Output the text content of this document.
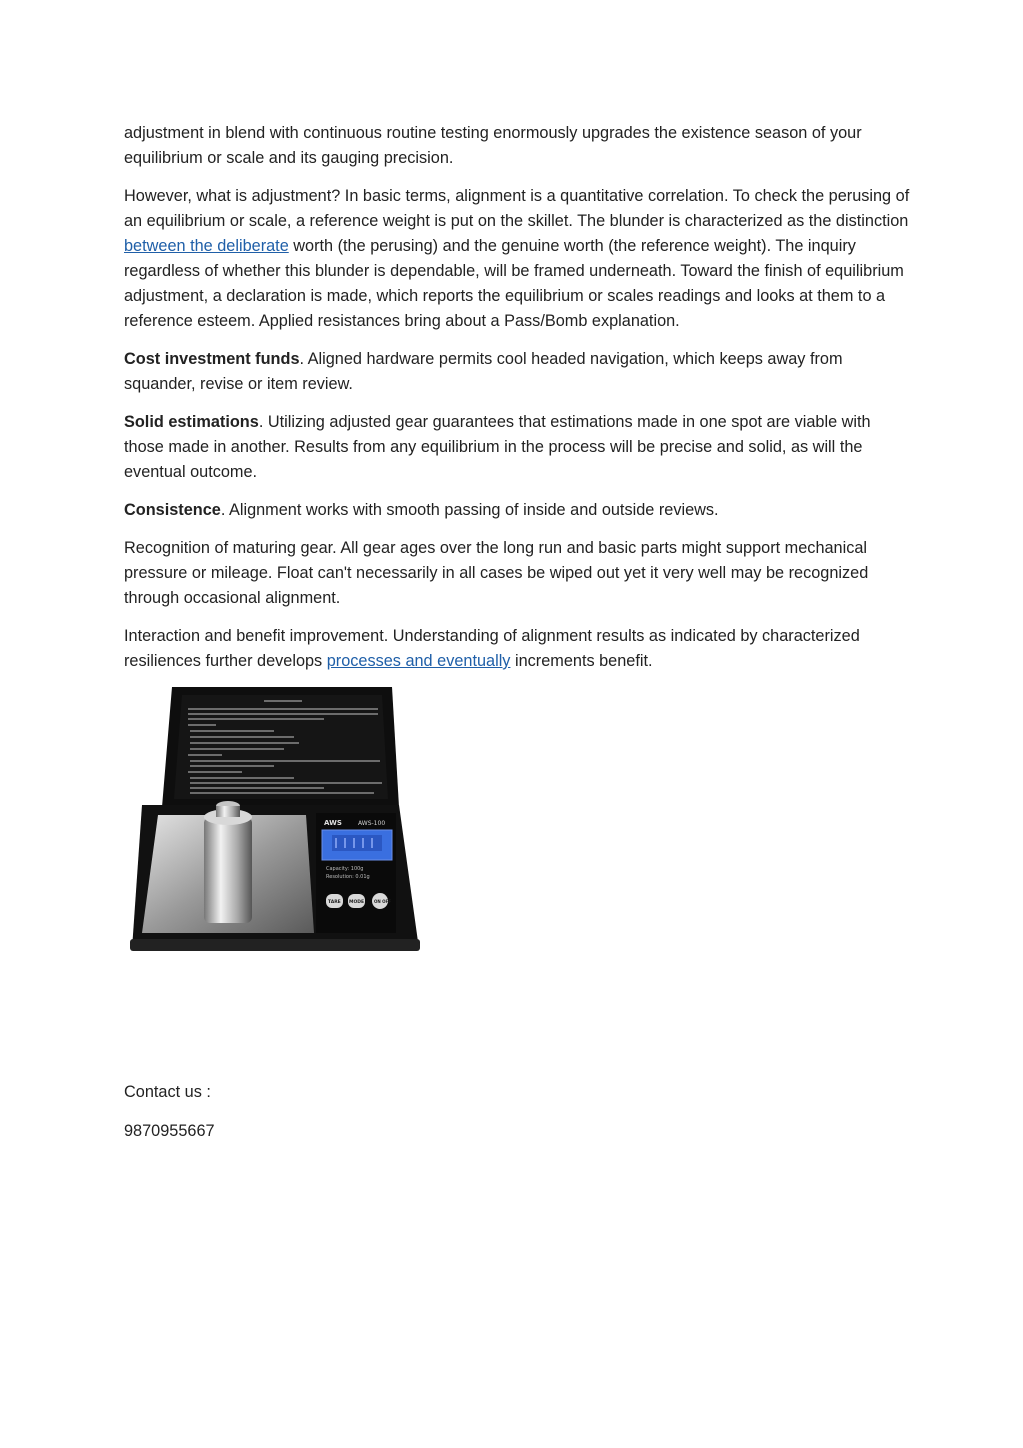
adjustment in blend with continuous routine testing enormously upgrades the existence season of your equilibrium or scale and its gauging precision.

However, what is adjustment? In basic terms, alignment is a quantitative correlation. To check the perusing of an equilibrium or scale, a reference weight is put on the skillet. The blunder is characterized as the distinction between the deliberate worth (the perusing) and the genuine worth (the reference weight). The inquiry regardless of whether this blunder is dependable, will be framed underneath. Toward the finish of equilibrium adjustment, a declaration is made, which reports the equilibrium or scales readings and looks at them to a reference esteem. Applied resistances bring about a Pass/Bomb explanation.

Cost investment funds. Aligned hardware permits cool headed navigation, which keeps away from squander, revise or item review.

Solid estimations. Utilizing adjusted gear guarantees that estimations made in one spot are viable with those made in another. Results from any equilibrium in the process will be precise and solid, as will the eventual outcome.

Consistence. Alignment works with smooth passing of inside and outside reviews.

Recognition of maturing gear. All gear ages over the long run and basic parts might support mechanical pressure or mileage. Float can't necessarily in all cases be wiped out yet it very well may be recognized through occasional alignment.

Interaction and benefit improvement. Understanding of alignment results as indicated by characterized resiliences further develops processes and eventually increments benefit.

AWS	AWS-100
Capacity: 100g
Resolution: 0.01g
TARE MODE ON OFF

Contact us :

9870955667
